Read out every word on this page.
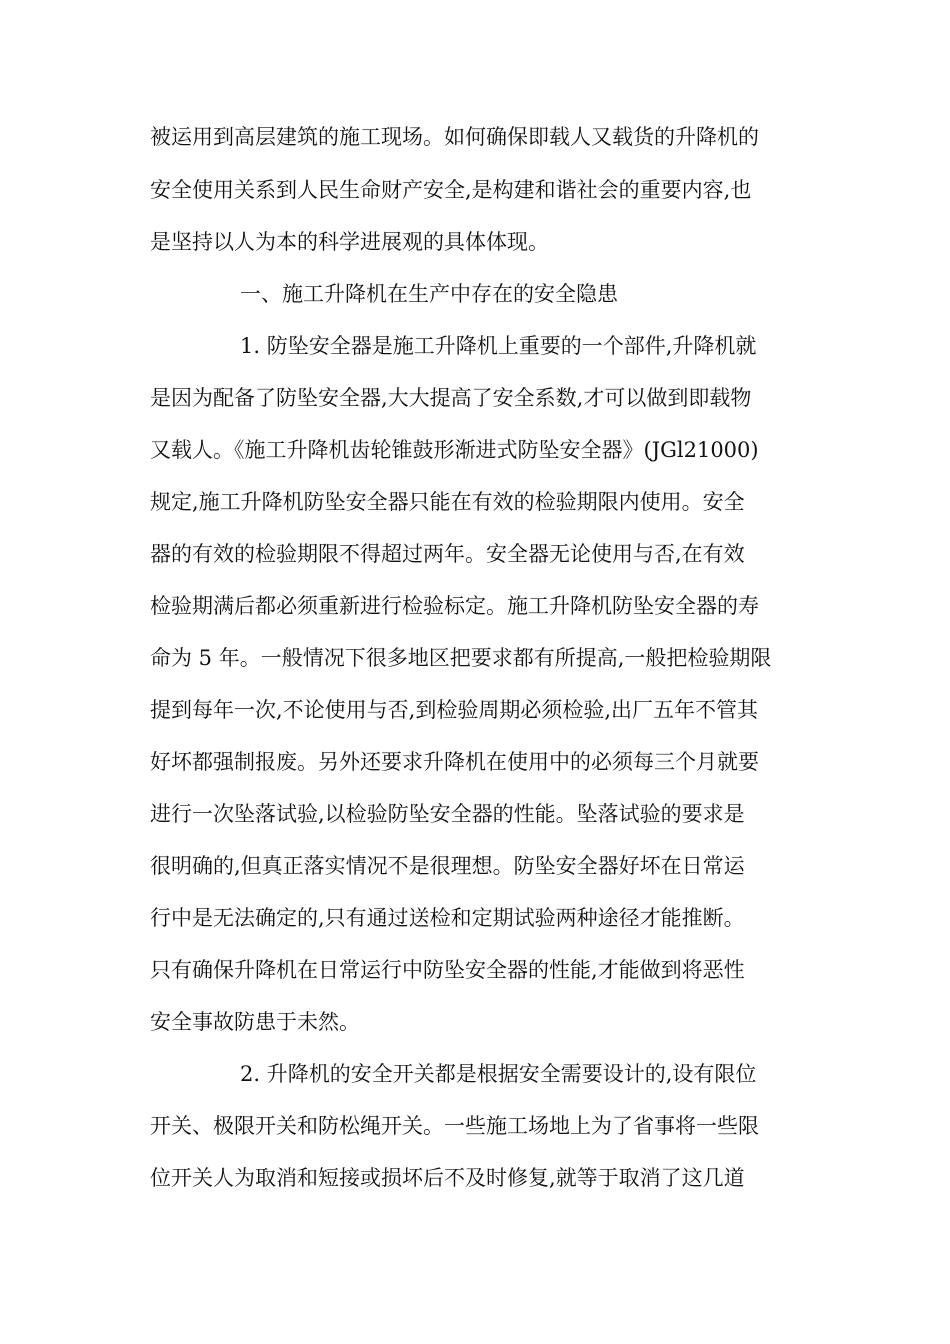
被运用到高层建筑的施工现场。如何确保即载人又载货的升降机的
安全使用关系到人民生命财产安全,是构建和谐社会的重要内容,也
是坚持以人为本的科学进展观的具体体现。
一、施工升降机在生产中存在的安全隐患
1. 防坠安全器是施工升降机上重要的一个部件,升降机就
是因为配备了防坠安全器,大大提高了安全系数,才可以做到即载物
又载人。《施工升降机齿轮锥鼓形渐进式防坠安全器》(JGl21000)
规定,施工升降机防坠安全器只能在有效的检验期限内使用。安全
器的有效的检验期限不得超过两年。安全器无论使用与否,在有效
检验期满后都必须重新进行检验标定。施工升降机防坠安全器的寿
命为 5 年。一般情况下很多地区把要求都有所提高,一般把检验期限
提到每年一次,不论使用与否,到检验周期必须检验,出厂五年不管其
好坏都强制报废。另外还要求升降机在使用中的必须每三个月就要
进行一次坠落试验,以检验防坠安全器的性能。坠落试验的要求是
很明确的,但真正落实情况不是很理想。防坠安全器好坏在日常运
行中是无法确定的,只有通过送检和定期试验两种途径才能推断。
只有确保升降机在日常运行中防坠安全器的性能,才能做到将恶性
安全事故防患于未然。
2. 升降机的安全开关都是根据安全需要设计的,设有限位
开关、极限开关和防松绳开关。一些施工场地上为了省事将一些限
位开关人为取消和短接或损坏后不及时修复,就等于取消了这几道
